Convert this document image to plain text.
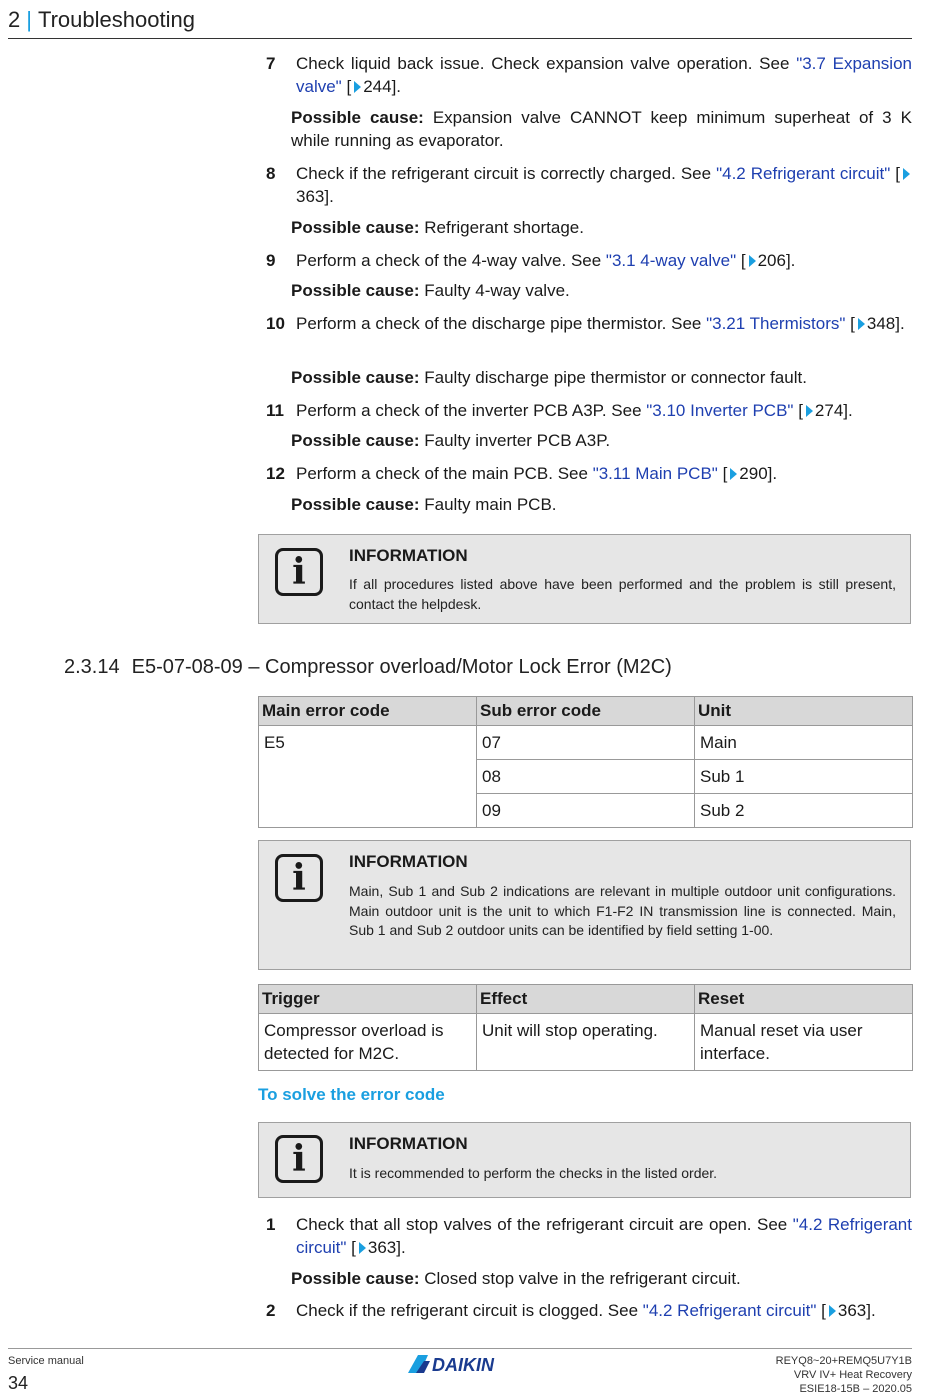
2 | Troubleshooting
7 Check liquid back issue. Check expansion valve operation. See "3.7 Expansion valve" [ 244].
Possible cause: Expansion valve CANNOT keep minimum superheat of 3 K while running as evaporator.
8 Check if the refrigerant circuit is correctly charged. See "4.2 Refrigerant circuit" [363].
Possible cause: Refrigerant shortage.
9 Perform a check of the 4-way valve. See "3.1 4-way valve" [ 206].
Possible cause: Faulty 4-way valve.
10 Perform a check of the discharge pipe thermistor. See "3.21 Thermistors" [ 348].
Possible cause: Faulty discharge pipe thermistor or connector fault.
11 Perform a check of the inverter PCB A3P. See "3.10 Inverter PCB" [ 274].
Possible cause: Faulty inverter PCB A3P.
12 Perform a check of the main PCB. See "3.11 Main PCB" [ 290].
Possible cause: Faulty main PCB.
i	INFORMATION
If all procedures listed above have been performed and the problem is still present, contact the helpdesk.
2.3.14 E5-07-08-09 – Compressor overload/Motor Lock Error (M2C)
Main error code	Sub error code	Unit
E5	07	Main
	08	Sub 1
	09	Sub 2
i	INFORMATION
Main, Sub 1 and Sub 2 indications are relevant in multiple outdoor unit configurations. Main outdoor unit is the unit to which F1-F2 IN transmission line is connected. Main, Sub 1 and Sub 2 outdoor units can be identified by field setting 1-00.
Trigger	Effect	Reset
Compressor overload is detected for M2C.	Unit will stop operating.	Manual reset via user interface.
To solve the error code
i	INFORMATION
It is recommended to perform the checks in the listed order.
1 Check that all stop valves of the refrigerant circuit are open. See "4.2 Refrigerant circuit" [ 363].
Possible cause: Closed stop valve in the refrigerant circuit.
2 Check if the refrigerant circuit is clogged. See "4.2 Refrigerant circuit" [ 363].
Service manual
34
DAIKIN	REYQ8~20+REMQ5U7Y1B
VRV IV+ Heat Recovery
ESIE18-15B – 2020.05
